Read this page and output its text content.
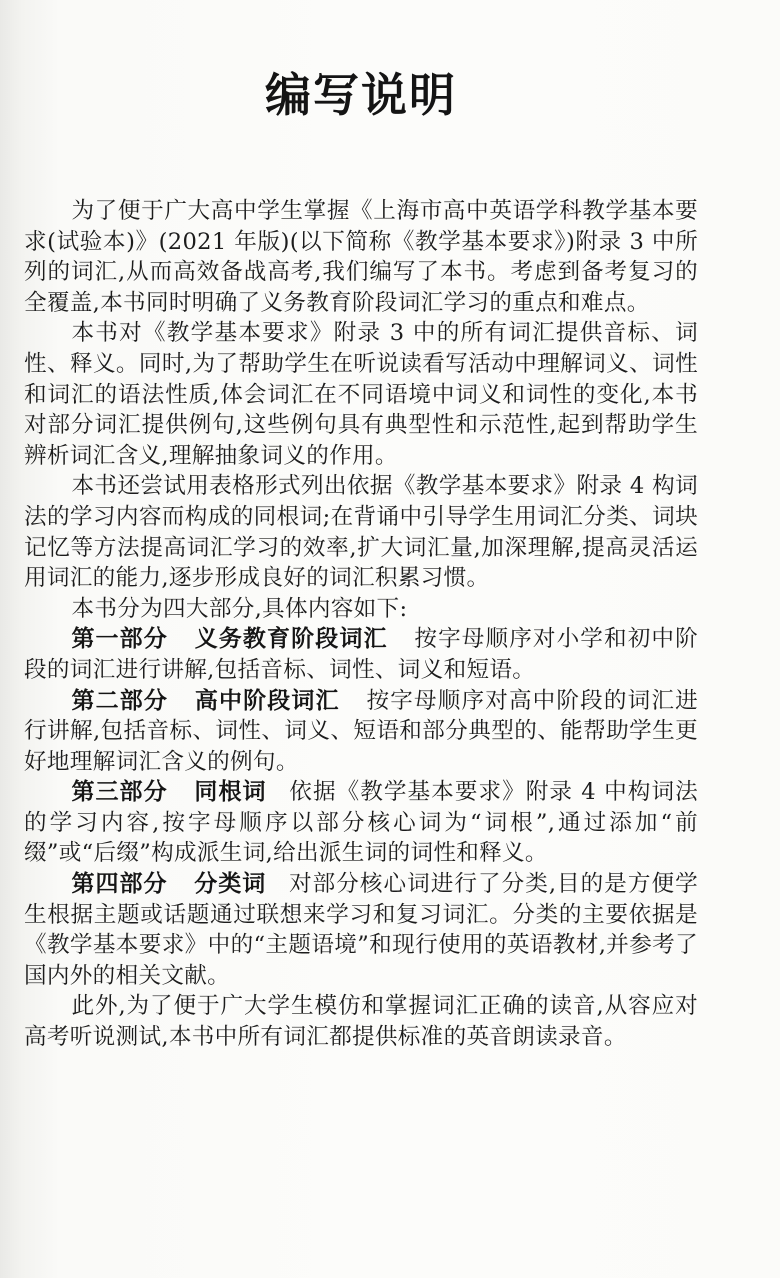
编写说明

为了便于广大高中学生掌握《上海市高中英语学科教学基本要求(试验本)》(2021 年版)(以下简称《教学基本要求》)附录 3 中所列的词汇,从而高效备战高考,我们编写了本书。考虑到备考复习的全覆盖,本书同时明确了义务教育阶段词汇学习的重点和难点。

本书对《教学基本要求》附录 3 中的所有词汇提供音标、词性、释义。同时,为了帮助学生在听说读看写活动中理解词义、词性和词汇的语法性质,体会词汇在不同语境中词义和词性的变化,本书对部分词汇提供例句,这些例句具有典型性和示范性,起到帮助学生辨析词汇含义,理解抽象词义的作用。

本书还尝试用表格形式列出依据《教学基本要求》附录 4 构词法的学习内容而构成的同根词;在背诵中引导学生用词汇分类、词块记忆等方法提高词汇学习的效率,扩大词汇量,加深理解,提高灵活运用词汇的能力,逐步形成良好的词汇积累习惯。

本书分为四大部分,具体内容如下:

第一部分 义务教育阶段词汇 按字母顺序对小学和初中阶段的词汇进行讲解,包括音标、词性、词义和短语。

第二部分 高中阶段词汇 按字母顺序对高中阶段的词汇进行讲解,包括音标、词性、词义、短语和部分典型的、能帮助学生更好地理解词汇含义的例句。

第三部分 同根词 依据《教学基本要求》附录 4 中构词法的学习内容,按字母顺序以部分核心词为“词根”,通过添加“前缀”或“后缀”构成派生词,给出派生词的词性和释义。

第四部分 分类词 对部分核心词进行了分类,目的是方便学生根据主题或话题通过联想来学习和复习词汇。分类的主要依据是《教学基本要求》中的“主题语境”和现行使用的英语教材,并参考了国内外的相关文献。

此外,为了便于广大学生模仿和掌握词汇正确的读音,从容应对高考听说测试,本书中所有词汇都提供标准的英音朗读录音。
